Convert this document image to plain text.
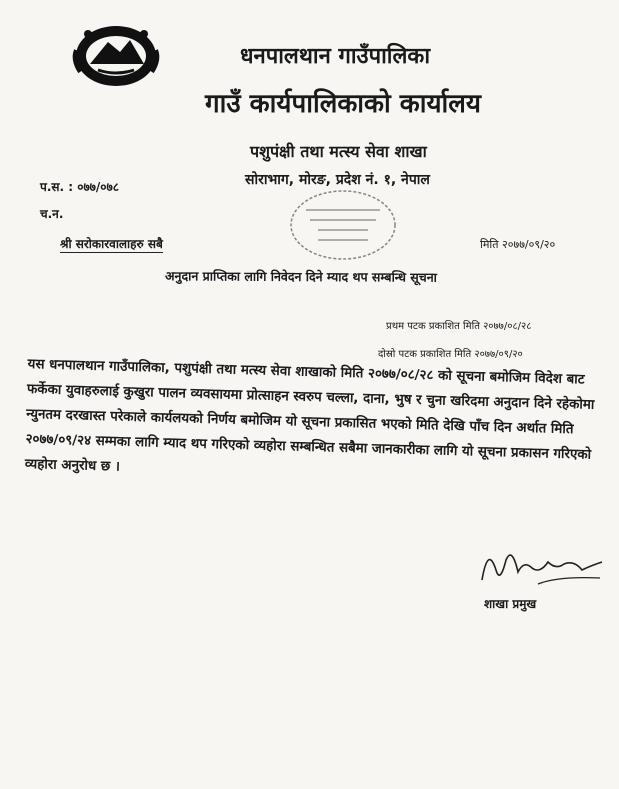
धनपालथान गाउँपालिका
गाउँ कार्यपालिकाको कार्यालय
पशुपंक्षी तथा मत्स्य सेवा शाखा
सोराभाग, मोरङ, प्रदेश नं. १, नेपाल
प.स. : ०७७/०७८
च.न.
श्री सरोकारवालाहरु सबै	मिति २०७७/०९/२०
अनुदान प्राप्तिका लागि निवेदन दिने म्याद थप सम्बन्धि सूचना
प्रथम पटक प्रकाशित मिति २०७७/०८/२८
दोस्रो पटक प्रकाशित मिति २०७७/०९/२०
यस धनपालथान गाउँपालिका, पशुपंक्षी तथा मत्स्य सेवा शाखाको मिति २०७७/०८/२८ को सूचना बमोजिम विदेश बाट फर्केका युवाहरुलाई कुखुरा पालन व्यवसायमा प्रोत्साहन स्वरुप चल्ला, दाना, भुष र चुना खरिदमा अनुदान दिने रहेकोमा न्युनतम दरखास्त परेकाले कार्यलयको निर्णय बमोजिम यो सूचना प्रकासित भएको मिति देखि पाँच दिन अर्थात मिति २०७७/०९/२४ सम्मका लागि म्याद थप गरिएको व्यहोरा सम्बन्धित सबैमा जानकारीका लागि यो सूचना प्रकासन गरिएको व्यहोरा अनुरोध छ ।
शाखा प्रमुख
